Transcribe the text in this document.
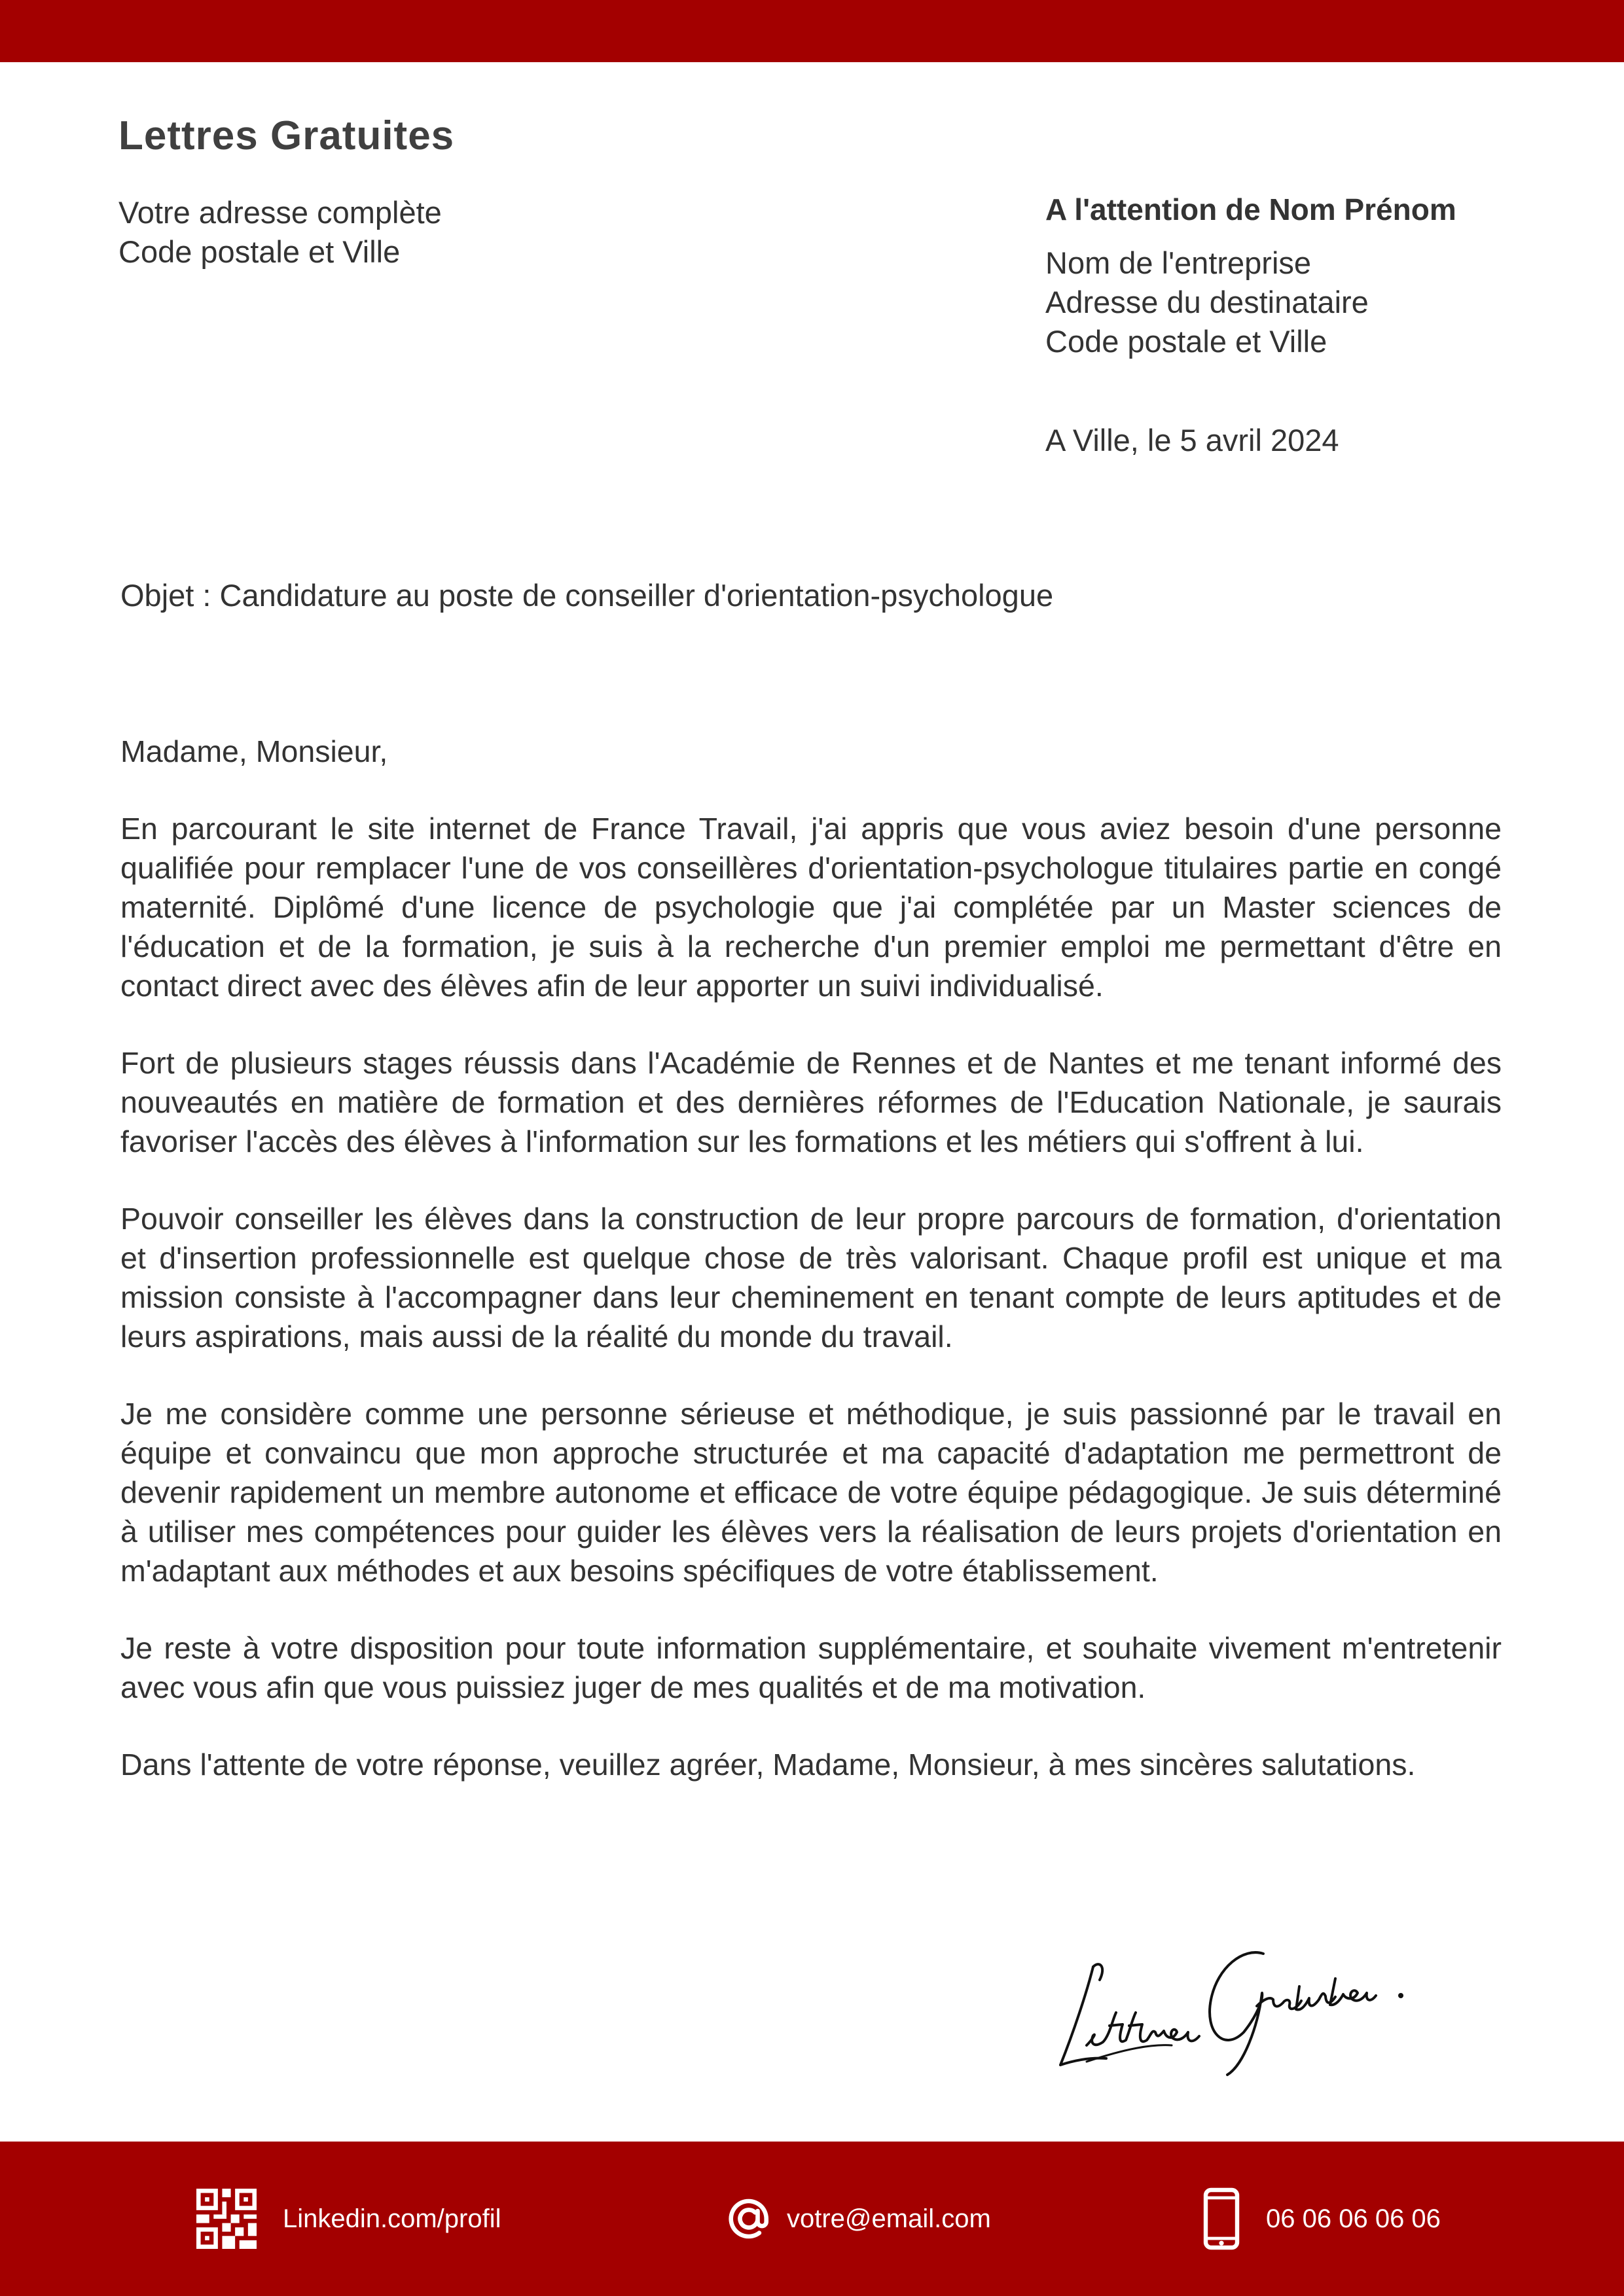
Lettres Gratuites
Votre adresse complète
Code postale et Ville
A l'attention de Nom Prénom
Nom de l'entreprise
Adresse du destinataire
Code postale et Ville
A Ville, le 5 avril 2024
Objet : Candidature au poste de conseiller d'orientation-psychologue

Madame, Monsieur,

En parcourant le site internet de France Travail, j'ai appris que vous aviez besoin d'une personne qualifiée pour remplacer l'une de vos conseillères d'orientation-psychologue titulaires partie en congé maternité. Diplômé d'une licence de psychologie que j'ai complétée par un Master sciences de l'éducation et de la formation, je suis à la recherche d'un premier emploi me permettant d'être en contact direct avec des élèves afin de leur apporter un suivi individualisé.

Fort de plusieurs stages réussis dans l'Académie de Rennes et de Nantes et me tenant informé des nouveautés en matière de formation et des dernières réformes de l'Education Nationale, je saurais favoriser l'accès des élèves à l'information sur les formations et les métiers qui s'offrent à lui.

Pouvoir conseiller les élèves dans la construction de leur propre parcours de formation, d'orientation et d'insertion professionnelle est quelque chose de très valorisant. Chaque profil est unique et ma mission consiste à l'accompagner dans leur cheminement en tenant compte de leurs aptitudes et de leurs aspirations, mais aussi de la réalité du monde du travail.

Je me considère comme une personne sérieuse et méthodique, je suis passionné par le travail en équipe et convaincu que mon approche structurée et ma capacité d'adaptation me permettront de devenir rapidement un membre autonome et efficace de votre équipe pédagogique. Je suis déterminé à utiliser mes compétences pour guider les élèves vers la réalisation de leurs projets d'orientation en m'adaptant aux méthodes et aux besoins spécifiques de votre établissement.

Je reste à votre disposition pour toute information supplémentaire, et souhaite vivement m'entretenir avec vous afin que vous puissiez juger de mes qualités et de ma motivation.

Dans l'attente de votre réponse, veuillez agréer, Madame, Monsieur, à mes sincères salutations.

Linkedin.com/profil	votre@email.com	06 06 06 06 06
